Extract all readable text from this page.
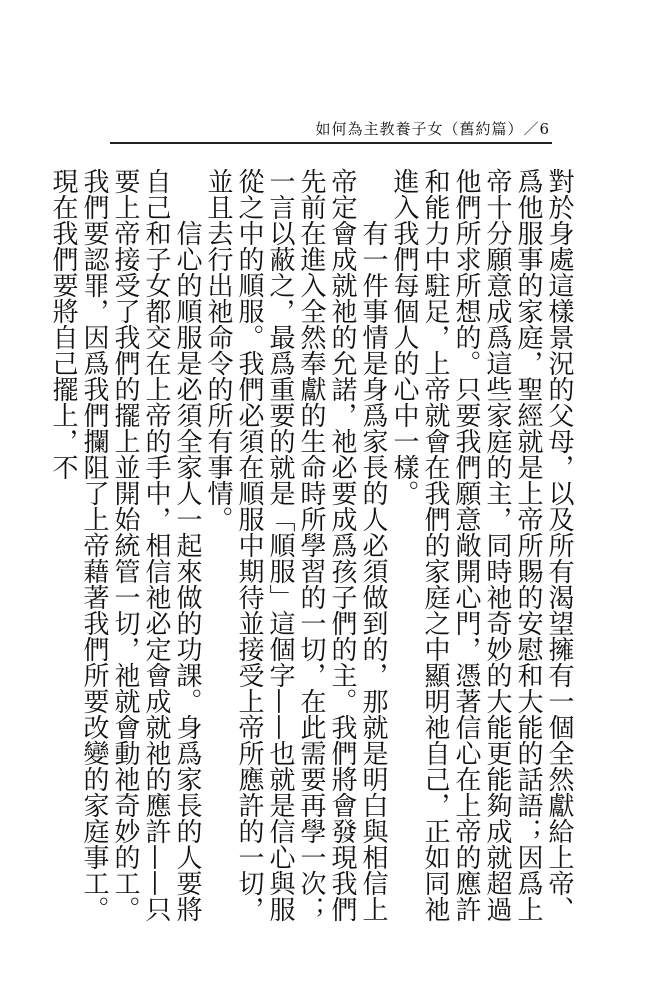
如何為主教養子女（舊約篇）／6

對於身處這樣景況的父母，以及所有渴望擁有一個全然獻給上帝、爲他服事的家庭，聖經就是上帝所賜的安慰和大能的話語；因爲上帝十分願意成爲這些家庭的主，同時祂奇妙的大能更能夠成就超過他們所求所想的。只要我們願意敞開心門，憑著信心在上帝的應許和能力中駐足，上帝就會在我們的家庭之中顯明祂自己，正如同祂進入我們每個人的心中一樣。

有一件事情是身爲家長的人必須做到的，那就是明白與相信上帝定會成就祂的允諾，祂必要成爲孩子們的主。我們將會發現我們先前在進入全然奉獻的生命時所學習的一切，在此需要再學一次；一言以蔽之，最爲重要的就是「順服」這個字——也就是信心與服從之中的順服。我們必須在順服中期待並接受上帝所應許的一切，並且去行出祂命令的所有事情。

信心的順服是必須全家人一起來做的功課。身爲家長的人要將自己和子女都交在上帝的手中，相信祂必定會成就祂的應許——只要上帝接受了我們的擺上並開始統管一切，祂就會動祂奇妙的工。我們要認罪，因爲我們攔阻了上帝藉著我們所要改變的家庭事工。現在我們要將自己擺上，不
